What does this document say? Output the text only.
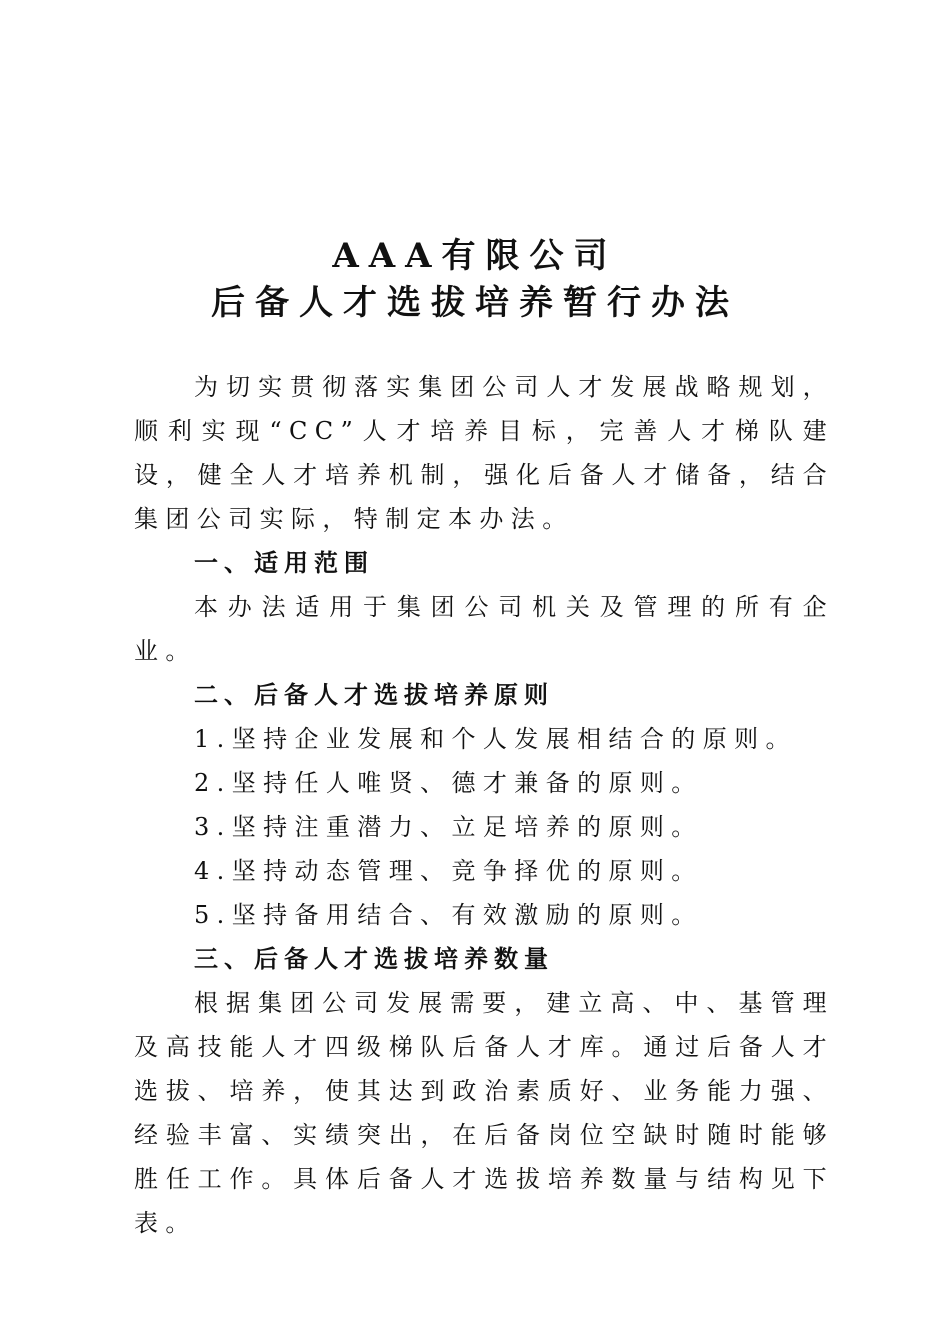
AAA有限公司
后备人才选拔培养暂行办法

为切实贯彻落实集团公司人才发展战略规划，顺利实现“CC”人才培养目标，完善人才梯队建设，健全人才培养机制，强化后备人才储备，结合集团公司实际，特制定本办法。

一、适用范围

本办法适用于集团公司机关及管理的所有企业。

二、后备人才选拔培养原则

1.坚持企业发展和个人发展相结合的原则。

2.坚持任人唯贤、德才兼备的原则。

3.坚持注重潜力、立足培养的原则。

4.坚持动态管理、竞争择优的原则。

5.坚持备用结合、有效激励的原则。

三、后备人才选拔培养数量

根据集团公司发展需要，建立高、中、基管理及高技能人才四级梯队后备人才库。通过后备人才选拔、培养，使其达到政治素质好、业务能力强、经验丰富、实绩突出，在后备岗位空缺时随时能够胜任工作。具体后备人才选拔培养数量与结构见下表。
